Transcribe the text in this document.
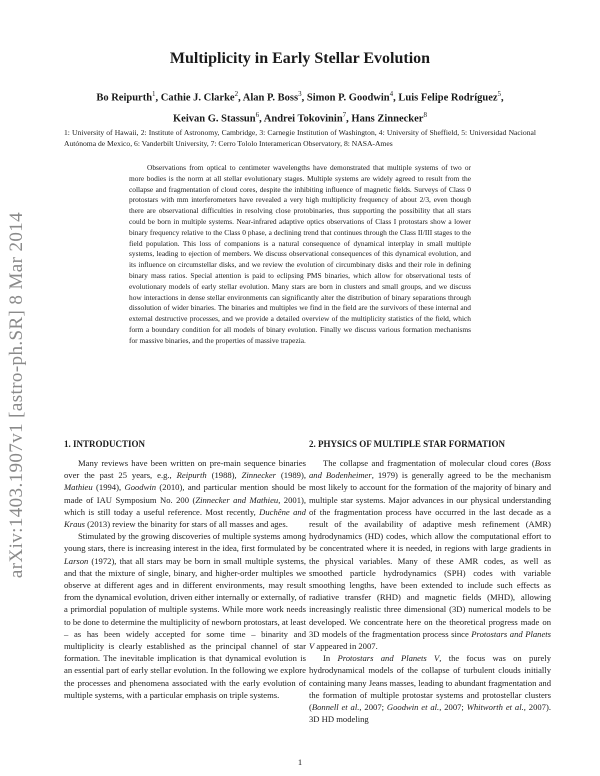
arXiv:1403.1907v1 [astro-ph.SR] 8 Mar 2014
Multiplicity in Early Stellar Evolution
Bo Reipurth$^1$, Cathie J. Clarke$^2$, Alan P. Boss$^3$, Simon P. Goodwin$^4$, Luis Felipe Rodríguez$^5$,
Keivan G. Stassun$^6$, Andrei Tokovinin$^7$, Hans Zinnecker$^8$
1: University of Hawaii, 2: Institute of Astronomy, Cambridge, 3: Carnegie Institution of Washington, 4: University of Sheffield, 5: Universidad Nacional Autónoma de Mexico, 6: Vanderbilt University, 7: Cerro Tololo Interamerican Observatory, 8: NASA-Ames
Observations from optical to centimeter wavelengths have demonstrated that multiple systems of two or more bodies is the norm at all stellar evolutionary stages. Multiple systems are widely agreed to result from the collapse and fragmentation of cloud cores, despite the inhibiting influence of magnetic fields. Surveys of Class 0 protostars with mm interferometers have revealed a very high multiplicity frequency of about 2/3, even though there are observational difficulties in resolving close protobinaries, thus supporting the possibility that all stars could be born in multiple systems. Near-infrared adaptive optics observations of Class I protostars show a lower binary frequency relative to the Class 0 phase, a declining trend that continues through the Class II/III stages to the field population. This loss of companions is a natural consequence of dynamical interplay in small multiple systems, leading to ejection of members. We discuss observational consequences of this dynamical evolution, and its influence on circumstellar disks, and we review the evolution of circumbinary disks and their role in defining binary mass ratios. Special attention is paid to eclipsing PMS binaries, which allow for observational tests of evolutionary models of early stellar evolution. Many stars are born in clusters and small groups, and we discuss how interactions in dense stellar environments can significantly alter the distribution of binary separations through dissolution of wider binaries. The binaries and multiples we find in the field are the survivors of these internal and external destructive processes, and we provide a detailed overview of the multiplicity statistics of the field, which form a boundary condition for all models of binary evolution. Finally we discuss various formation mechanisms for massive binaries, and the properties of massive trapezia.
1. INTRODUCTION	2. PHYSICS OF MULTIPLE STAR FORMATION

Many reviews have been written on pre-main sequence binaries over the past 25 years, e.g., Reipurth (1988), Zinnecker (1989), Mathieu (1994), Goodwin (2010), and particular mention should be made of IAU Symposium No. 200 (Zinnecker and Mathieu, 2001), which is still today a useful reference. Most recently, Duchêne and Kraus (2013) review the binarity for stars of all masses and ages.

Stimulated by the growing discoveries of multiple systems among young stars, there is increasing interest in the idea, first formulated by Larson (1972), that all stars may be born in small multiple systems, and that the mixture of single, binary, and higher-order multiples we observe at different ages and in different environments, may result from the dynamical evolution, driven either internally or externally, of a primordial population of multiple systems. While more work needs to be done to determine the multiplicity of newborn protostars, at least – as has been widely accepted for some time – binarity and multiplicity is clearly established as the principal channel of star formation. The inevitable implication is that dynamical evolution is an essential part of early stellar evolution. In the following we explore the processes and phenomena associated with the early evolution of multiple systems, with a particular emphasis on triple systems.

The collapse and fragmentation of molecular cloud cores (Boss and Bodenheimer, 1979) is generally agreed to be the mechanism most likely to account for the formation of the majority of binary and multiple star systems. Major advances in our physical understanding of the fragmentation process have occurred in the last decade as a result of the availability of adaptive mesh refinement (AMR) hydrodynamics (HD) codes, which allow the computational effort to be concentrated where it is needed, in regions with large gradients in the physical variables. Many of these AMR codes, as well as smoothed particle hydrodynamics (SPH) codes with variable smoothing lengths, have been extended to include such effects as radiative transfer (RHD) and magnetic fields (MHD), allowing increasingly realistic three dimensional (3D) numerical models to be developed. We concentrate here on the theoretical progress made on 3D models of the fragmentation process since Protostars and Planets V appeared in 2007.

In Protostars and Planets V, the focus was on purely hydrodynamical models of the collapse of turbulent clouds initially containing many Jeans masses, leading to abundant fragmentation and the formation of multiple protostar systems and protostellar clusters (Bonnell et al., 2007; Goodwin et al., 2007; Whitworth et al., 2007). 3D HD modeling

1
